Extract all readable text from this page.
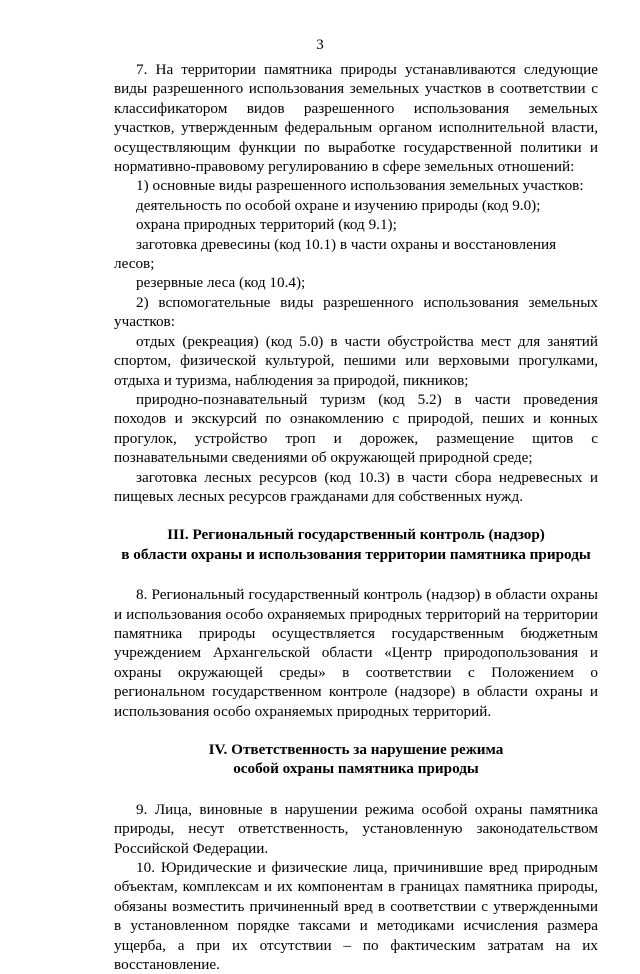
3

7. На территории памятника природы устанавливаются следующие виды разрешенного использования земельных участков в соответствии с классификатором видов разрешенного использования земельных участков, утвержденным федеральным органом исполнительной власти, осуществляющим функции по выработке государственной политики и нормативно-правовому регулированию в сфере земельных отношений:

1) основные виды разрешенного использования земельных участков:

деятельность по особой охране и изучению природы (код 9.0);

охрана природных территорий (код 9.1);

заготовка древесины (код 10.1) в части охраны и восстановления лесов;

резервные леса (код 10.4);

2) вспомогательные виды разрешенного использования земельных участков:

отдых (рекреация) (код 5.0) в части обустройства мест для занятий спортом, физической культурой, пешими или верховыми прогулками, отдыха и туризма, наблюдения за природой, пикников;

природно-познавательный туризм (код 5.2) в части проведения походов и экскурсий по ознакомлению с природой, пеших и конных прогулок, устройство троп и дорожек, размещение щитов с познавательными сведениями об окружающей природной среде;

заготовка лесных ресурсов (код 10.3) в части сбора недревесных и пищевых лесных ресурсов гражданами для собственных нужд.

III. Региональный государственный контроль (надзор)
в области охраны и использования территории памятника природы

8. Региональный государственный контроль (надзор) в области охраны и использования особо охраняемых природных территорий на территории памятника природы осуществляется государственным бюджетным учреждением Архангельской области «Центр природопользования и охраны окружающей среды» в соответствии с Положением о региональном государственном контроле (надзоре) в области охраны и использования особо охраняемых природных территорий.

IV. Ответственность за нарушение режима
особой охраны памятника природы

9. Лица, виновные в нарушении режима особой охраны памятника природы, несут ответственность, установленную законодательством Российской Федерации.

10. Юридические и физические лица, причинившие вред природным объектам, комплексам и их компонентам в границах памятника природы, обязаны возместить причиненный вред в соответствии с утвержденными в установленном порядке таксами и методиками исчисления размера ущерба, а при их отсутствии – по фактическим затратам на их восстановление.
